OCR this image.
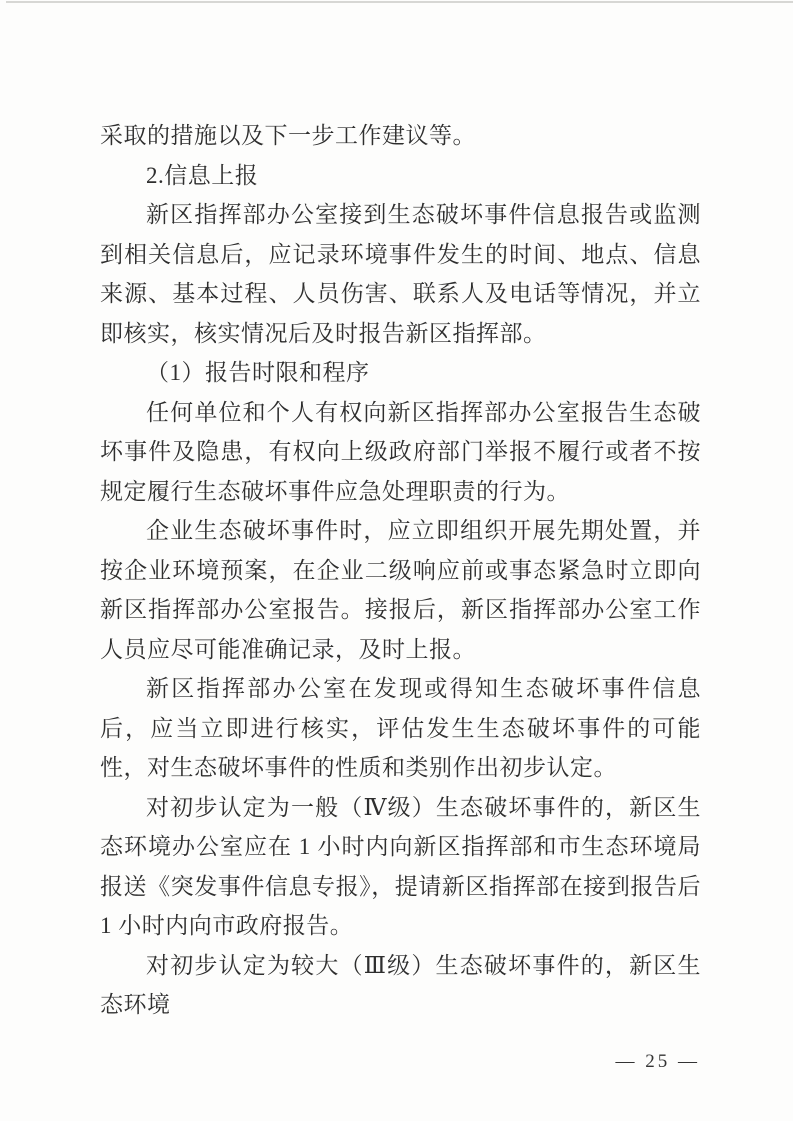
采取的措施以及下一步工作建议等。

2.信息上报

新区指挥部办公室接到生态破坏事件信息报告或监测到相关信息后，应记录环境事件发生的时间、地点、信息来源、基本过程、人员伤害、联系人及电话等情况，并立即核实，核实情况后及时报告新区指挥部。

（1）报告时限和程序

任何单位和个人有权向新区指挥部办公室报告生态破坏事件及隐患，有权向上级政府部门举报不履行或者不按规定履行生态破坏事件应急处理职责的行为。

企业生态破坏事件时，应立即组织开展先期处置，并按企业环境预案，在企业二级响应前或事态紧急时立即向新区指挥部办公室报告。接报后，新区指挥部办公室工作人员应尽可能准确记录，及时上报。

新区指挥部办公室在发现或得知生态破坏事件信息后，应当立即进行核实，评估发生生态破坏事件的可能性，对生态破坏事件的性质和类别作出初步认定。

对初步认定为一般（Ⅳ级）生态破坏事件的，新区生态环境办公室应在 1 小时内向新区指挥部和市生态环境局报送《突发事件信息专报》，提请新区指挥部在接到报告后 1 小时内向市政府报告。

对初步认定为较大（Ⅲ级）生态破坏事件的，新区生态环境

— 25 —
